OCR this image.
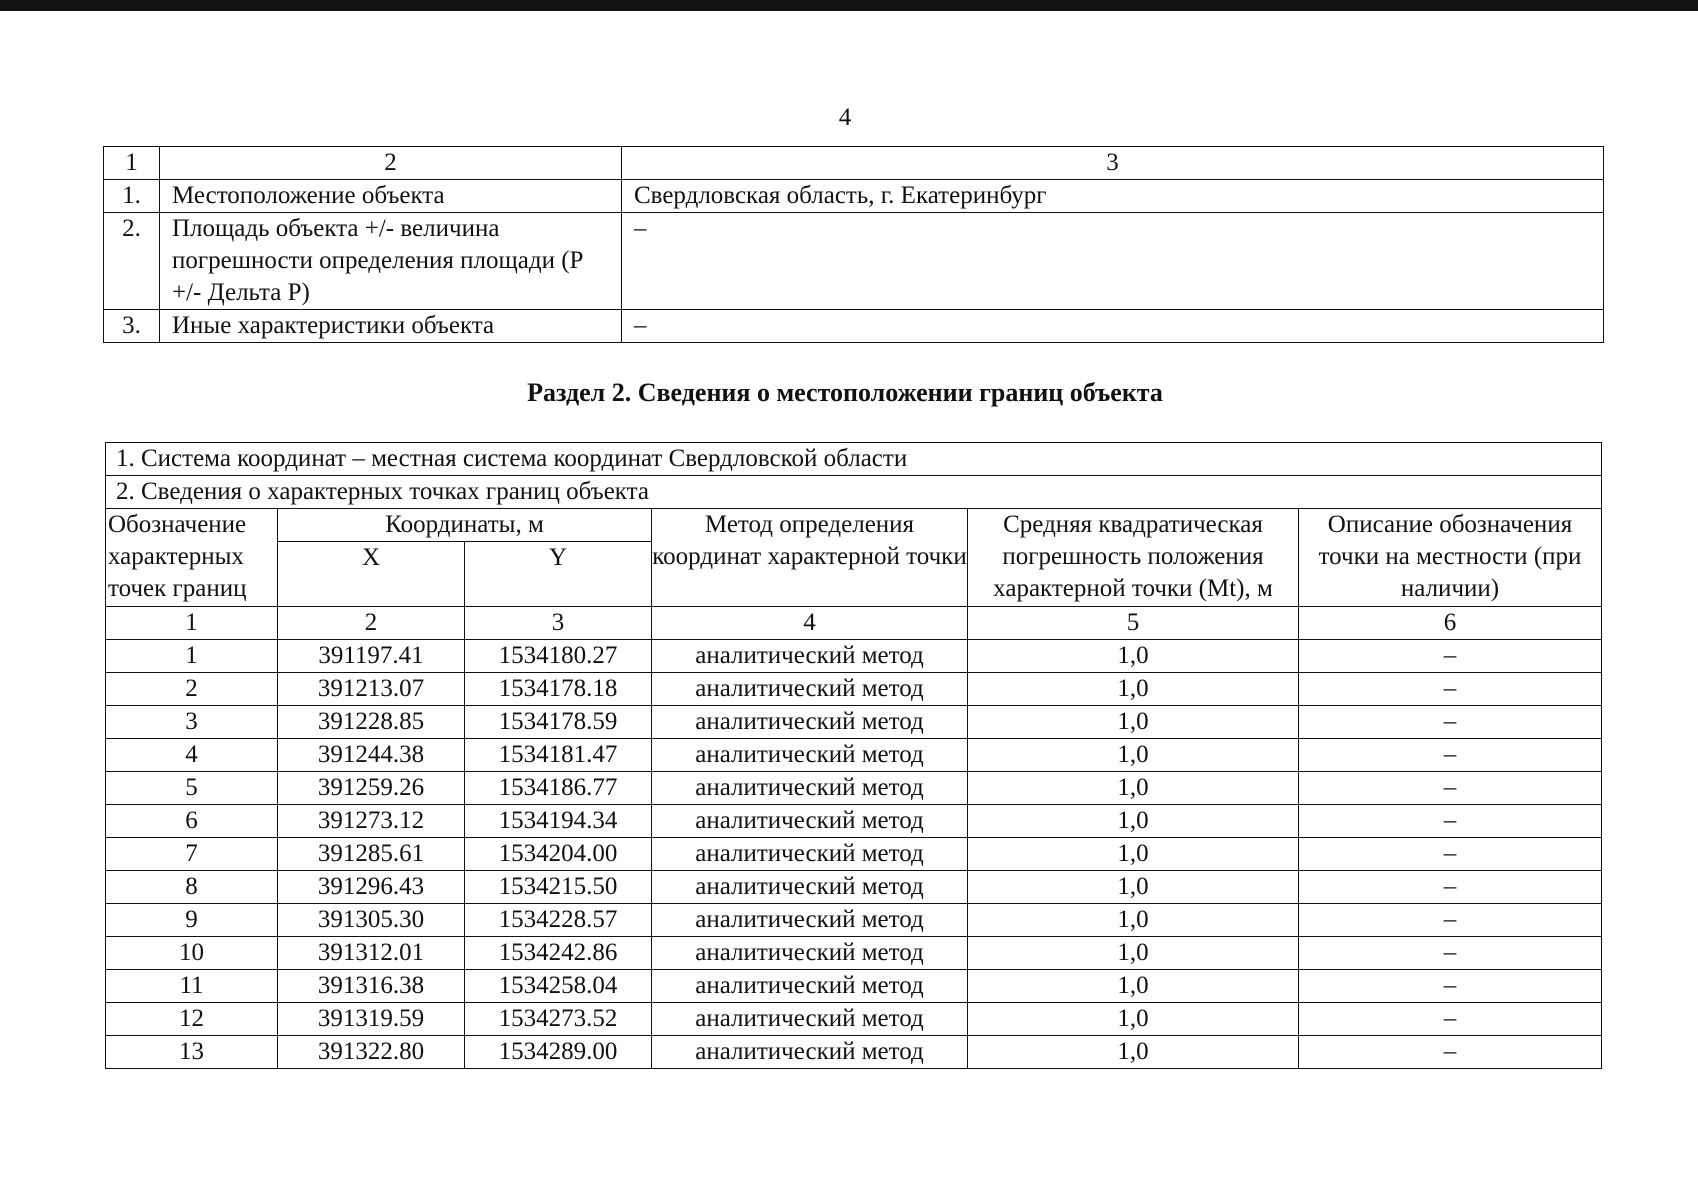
4
1	2	3
1.	Местоположение объекта	Свердловская область, г. Екатеринбург
2.	Площадь объекта +/- величина погрешности определения площади (Р +/- Дельта Р)	–
3.	Иные характеристики объекта	–
Раздел 2. Сведения о местоположении границ объекта
1. Система координат – местная система координат Свердловской области					
2. Сведения о характерных точках границ объекта					
Обозначение характерных точек границ	Координаты, м		Метод определения координат характерной точки	Средняя квадратическая погрешность положения характерной точки (Mt), м	Описание обозначения точки на местности (при наличии)
	X	Y			
1	2	3	4	5	6
1	391197.41	1534180.27	аналитический метод	1,0	–
2	391213.07	1534178.18	аналитический метод	1,0	–
3	391228.85	1534178.59	аналитический метод	1,0	–
4	391244.38	1534181.47	аналитический метод	1,0	–
5	391259.26	1534186.77	аналитический метод	1,0	–
6	391273.12	1534194.34	аналитический метод	1,0	–
7	391285.61	1534204.00	аналитический метод	1,0	–
8	391296.43	1534215.50	аналитический метод	1,0	–
9	391305.30	1534228.57	аналитический метод	1,0	–
10	391312.01	1534242.86	аналитический метод	1,0	–
11	391316.38	1534258.04	аналитический метод	1,0	–
12	391319.59	1534273.52	аналитический метод	1,0	–
13	391322.80	1534289.00	аналитический метод	1,0	–
